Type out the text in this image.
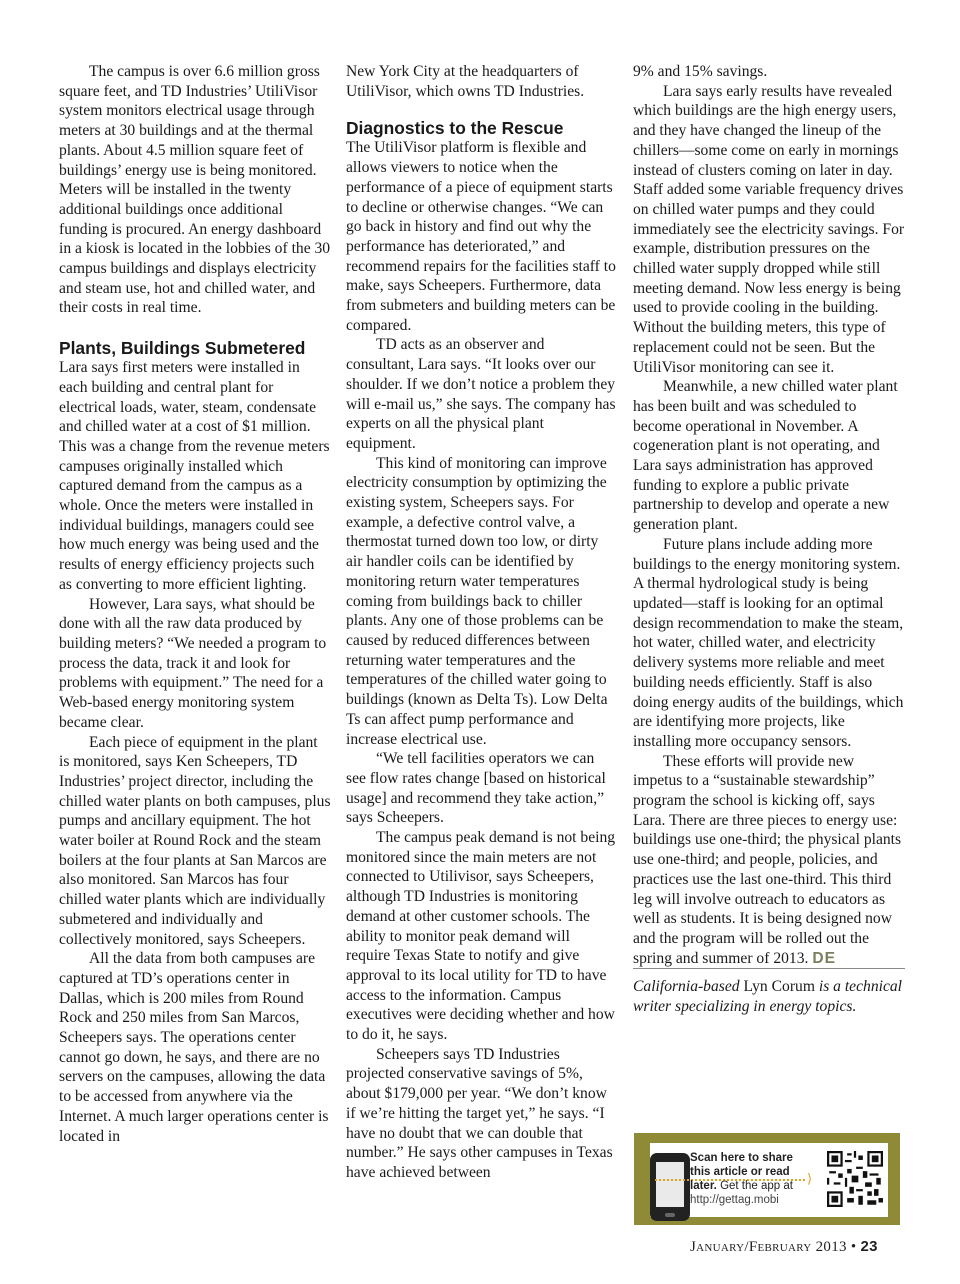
The campus is over 6.6 million gross square feet, and TD Industries’ UtiliVisor system monitors electrical usage through meters at 30 buildings and at the thermal plants. About 4.5 million square feet of buildings’ energy use is being monitored. Meters will be installed in the twenty additional buildings once additional funding is procured. An energy dashboard in a kiosk is located in the lobbies of the 30 campus buildings and displays electricity and steam use, hot and chilled water, and their costs in real time.

Plants, Buildings Submetered

Lara says first meters were installed in each building and central plant for electrical loads, water, steam, condensate and chilled water at a cost of $1 million. This was a change from the revenue meters campuses originally installed which captured demand from the campus as a whole. Once the meters were installed in individual buildings, managers could see how much energy was being used and the results of energy efficiency projects such as converting to more efficient lighting.

However, Lara says, what should be done with all the raw data produced by building meters? “We needed a program to process the data, track it and look for problems with equipment.” The need for a Web-based energy monitoring system became clear.

Each piece of equipment in the plant is monitored, says Ken Scheepers, TD Industries’ project director, including the chilled water plants on both campuses, plus pumps and ancillary equipment. The hot water boiler at Round Rock and the steam boilers at the four plants at San Marcos are also monitored. San Marcos has four chilled water plants which are individually submetered and individually and collectively monitored, says Scheepers.

All the data from both campuses are captured at TD’s operations center in Dallas, which is 200 miles from Round Rock and 250 miles from San Marcos, Scheepers says. The operations center cannot go down, he says, and there are no servers on the campuses, allowing the data to be accessed from anywhere via the Internet. A much larger operations center is located in

New York City at the headquarters of UtiliVisor, which owns TD Industries.

Diagnostics to the Rescue

The UtiliVisor platform is flexible and allows viewers to notice when the performance of a piece of equipment starts to decline or otherwise changes. “We can go back in history and find out why the performance has deteriorated,” and recommend repairs for the facilities staff to make, says Scheepers. Furthermore, data from submeters and building meters can be compared.

TD acts as an observer and consultant, Lara says. “It looks over our shoulder. If we don’t notice a problem they will e-mail us,” she says. The company has experts on all the physical plant equipment.

This kind of monitoring can improve electricity consumption by optimizing the existing system, Scheepers says. For example, a defective control valve, a thermostat turned down too low, or dirty air handler coils can be identified by monitoring return water temperatures coming from buildings back to chiller plants. Any one of those problems can be caused by reduced differences between returning water temperatures and the temperatures of the chilled water going to buildings (known as Delta Ts). Low Delta Ts can affect pump performance and increase electrical use.

“We tell facilities operators we can see flow rates change [based on historical usage] and recommend they take action,” says Scheepers.

The campus peak demand is not being monitored since the main meters are not connected to Utilivisor, says Scheepers, although TD Industries is monitoring demand at other customer schools. The ability to monitor peak demand will require Texas State to notify and give approval to its local utility for TD to have access to the information. Campus executives were deciding whether and how to do it, he says.

Scheepers says TD Industries projected conservative savings of 5%, about $179,000 per year. “We don’t know if we’re hitting the target yet,” he says. “I have no doubt that we can double that number.” He says other campuses in Texas have achieved between

9% and 15% savings.

Lara says early results have revealed which buildings are the high energy users, and they have changed the lineup of the chillers—some come on early in mornings instead of clusters coming on later in day. Staff added some variable frequency drives on chilled water pumps and they could immediately see the electricity savings. For example, distribution pressures on the chilled water supply dropped while still meeting demand. Now less energy is being used to provide cooling in the building. Without the building meters, this type of replacement could not be seen. But the UtiliVisor monitoring can see it.

Meanwhile, a new chilled water plant has been built and was scheduled to become operational in November. A cogeneration plant is not operating, and Lara says administration has approved funding to explore a public private partnership to develop and operate a new generation plant.

Future plans include adding more buildings to the energy monitoring system. A thermal hydrological study is being updated—staff is looking for an optimal design recommendation to make the steam, hot water, chilled water, and electricity delivery systems more reliable and meet building needs efficiently. Staff is also doing energy audits of the buildings, which are identifying more projects, like installing more occupancy sensors.

These efforts will provide new impetus to a “sustainable stewardship” program the school is kicking off, says Lara. There are three pieces to energy use: buildings use one-third; the physical plants use one-third; and people, policies, and practices use the last one-third. This third leg will involve outreach to educators as well as students. It is being designed now and the program will be rolled out the spring and summer of 2013. DE

California-based Lyn Corum is a technical writer specializing in energy topics.

Scan here to share this article or read later. Get the app at http://gettag.mobi
⟩
January/February 2013 • 23
